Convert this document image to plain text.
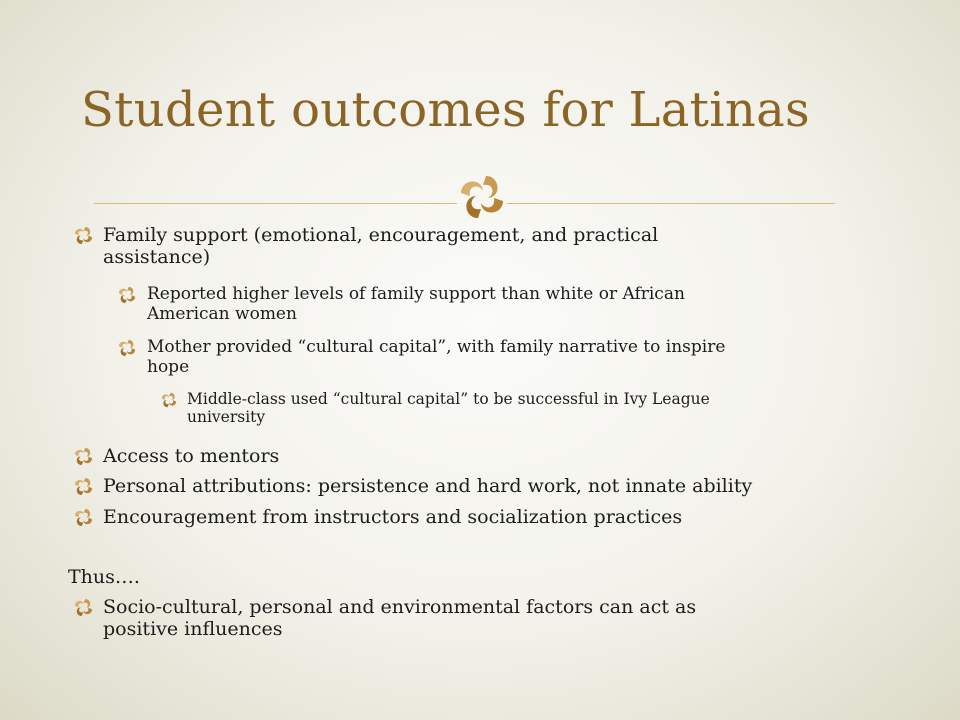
Student outcomes for Latinas
Family support (emotional, encouragement, and practical
assistance)
Reported higher levels of family support than white or African
American women
Mother provided “cultural capital”, with family narrative to inspire
hope
Middle-class used “cultural capital” to be successful in Ivy League
university
Access to mentors
Personal attributions: persistence and hard work, not innate ability
Encouragement from instructors and socialization practices
Thus….
Socio-cultural, personal and environmental factors can act as
positive influences
